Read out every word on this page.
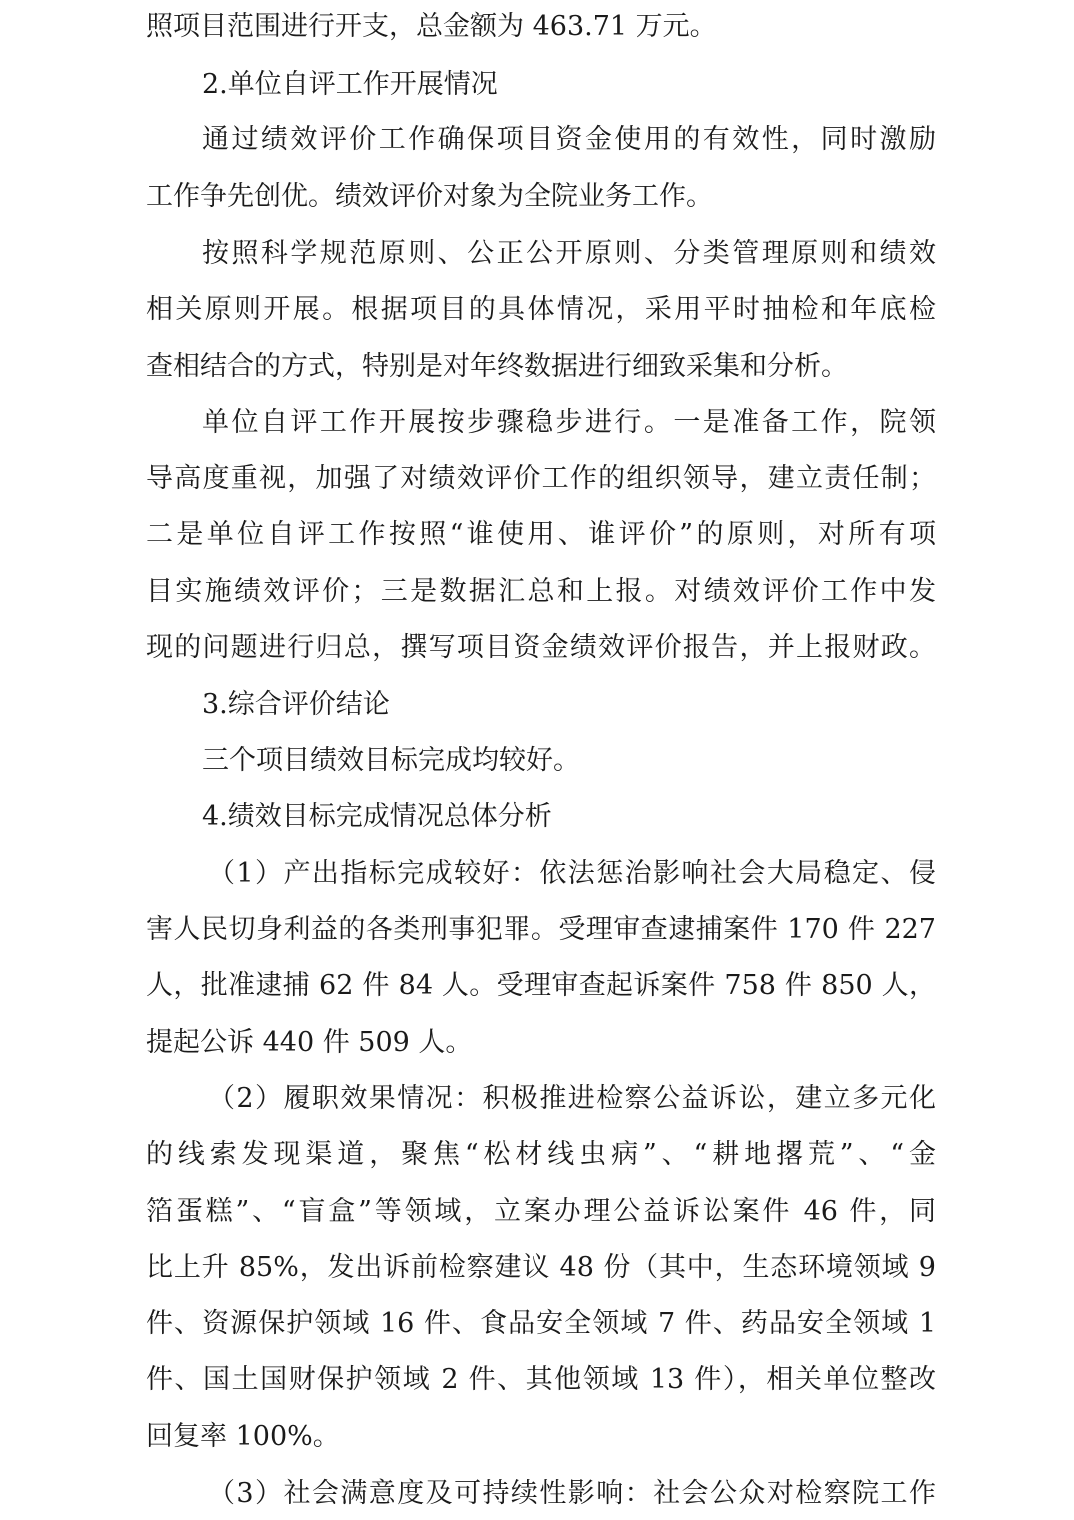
照项目范围进行开支，总金额为 463.71 万元。
2.单位自评工作开展情况
通过绩效评价工作确保项目资金使用的有效性，同时激励
工作争先创优。绩效评价对象为全院业务工作。
按照科学规范原则、公正公开原则、分类管理原则和绩效
相关原则开展。根据项目的具体情况，采用平时抽检和年底检
查相结合的方式，特别是对年终数据进行细致采集和分析。
单位自评工作开展按步骤稳步进行。一是准备工作，院领
导高度重视，加强了对绩效评价工作的组织领导，建立责任制；
二是单位自评工作按照“谁使用、谁评价”的原则，对所有项
目实施绩效评价；三是数据汇总和上报。对绩效评价工作中发
现的问题进行归总，撰写项目资金绩效评价报告，并上报财政。
3.综合评价结论
三个项目绩效目标完成均较好。
4.绩效目标完成情况总体分析
（1）产出指标完成较好：依法惩治影响社会大局稳定、侵
害人民切身利益的各类刑事犯罪。受理审查逮捕案件 170 件 227
人，批准逮捕 62 件 84 人。受理审查起诉案件 758 件 850 人，
提起公诉 440 件 509 人。
（2）履职效果情况：积极推进检察公益诉讼，建立多元化
的线索发现渠道，聚焦“松材线虫病”、“耕地撂荒”、“金
箔蛋糕”、“盲盒”等领域，立案办理公益诉讼案件 46 件，同
比上升 85%，发出诉前检察建议 48 份（其中，生态环境领域 9
件、资源保护领域 16 件、食品安全领域 7 件、药品安全领域 1
件、国土国财保护领域 2 件、其他领域 13 件），相关单位整改
回复率 100%。
（3）社会满意度及可持续性影响：社会公众对检察院工作
